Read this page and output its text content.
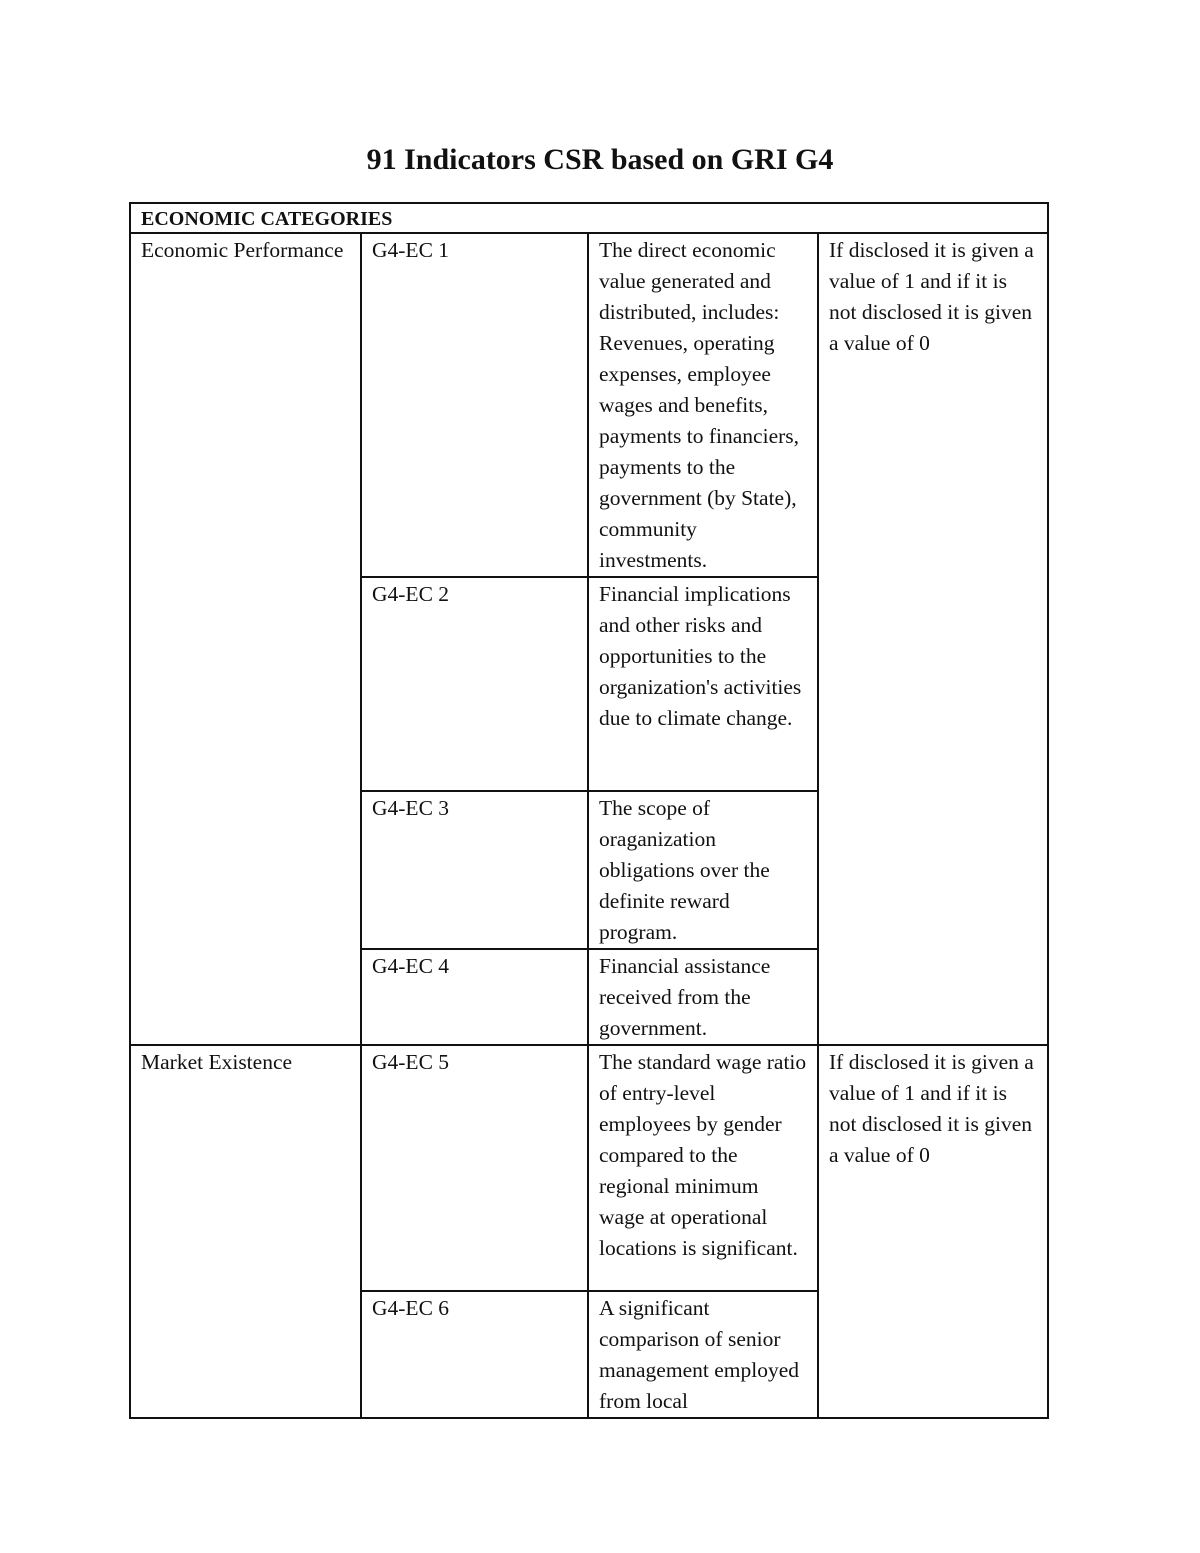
91 Indicators CSR based on GRI G4
ECONOMIC CATEGORIES			
Economic Performance	G4-EC 1	The direct economic value generated and distributed, includes: Revenues, operating expenses, employee wages and benefits, payments to financiers, payments to the government (by State), community investments.	If disclosed it is given a value of 1 and if it is not disclosed it is given a value of 0
	G4-EC 2	Financial implications and other risks and opportunities to the organization's activities due to climate change.	
	G4-EC 3	The scope of oraganization obligations over the definite reward program.	
	G4-EC 4	Financial assistance received from the government.	
Market Existence	G4-EC 5	The standard wage ratio of entry-level employees by gender compared to the regional minimum wage at operational locations is significant.	If disclosed it is given a value of 1 and if it is not disclosed it is given a value of 0
	G4-EC 6	A significant comparison of senior management employed from local	
